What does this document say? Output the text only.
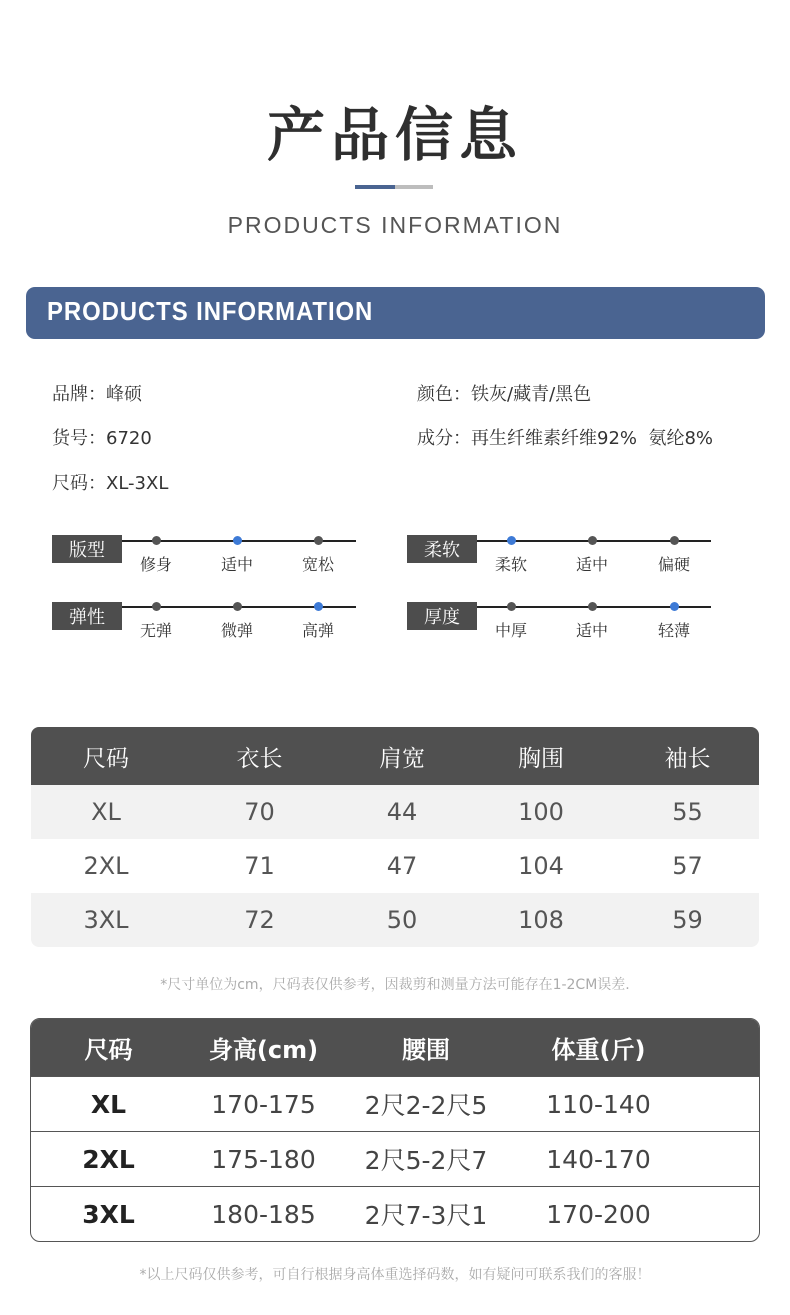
产品信息
PRODUCTS INFORMATION
PRODUCTS INFORMATION
品牌：峰硕	颜色：铁灰/藏青/黑色
货号：6720	成分：再生纤维素纤维92%  氨纶8%
尺码：XL-3XL
版型
修身	适中	宽松
柔软
柔软	适中	偏硬
弹性
无弹	微弹	高弹
厚度
中厚	适中	轻薄
尺码	衣长	肩宽	胸围	袖长
XL	70	44	100	55
2XL	71	47	104	57
3XL	72	50	108	59
*尺寸单位为cm，尺码表仅供参考，因裁剪和测量方法可能存在1-2CM误差.
尺码	身高(cm)	腰围	体重(斤)
XL	170-175	2尺2-2尺5	110-140
2XL	175-180	2尺5-2尺7	140-170
3XL	180-185	2尺7-3尺1	170-200
*以上尺码仅供参考，可自行根据身高体重选择码数，如有疑问可联系我们的客服！
